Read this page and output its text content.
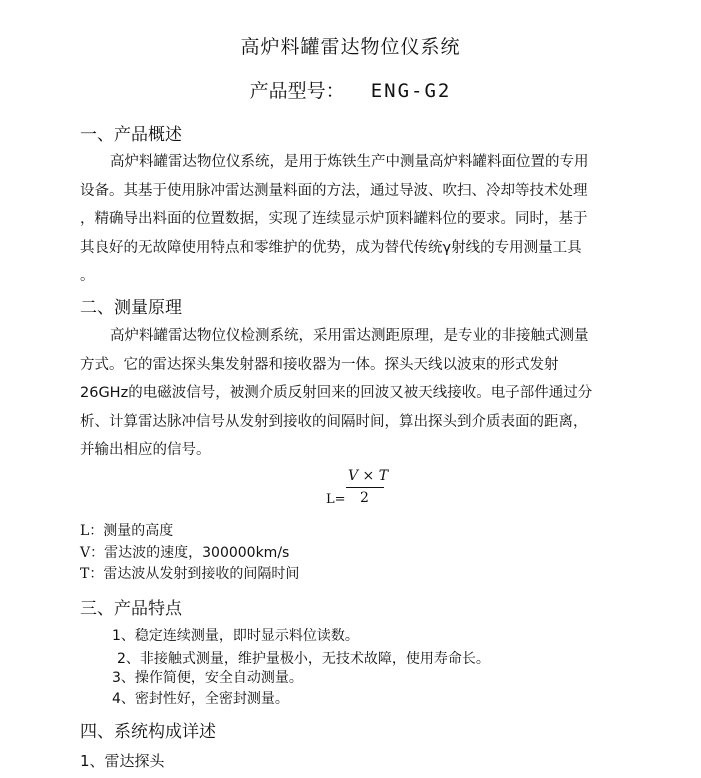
高炉料罐雷达物位仪系统
产品型号： ENG-G2
一、产品概述
高炉料罐雷达物位仪系统，是用于炼铁生产中测量高炉料罐料面位置的专用
设备。其基于使用脉冲雷达测量料面的方法，通过导波、吹扫、冷却等技术处理
，精确导出料面的位置数据，实现了连续显示炉顶料罐料位的要求。同时，基于
其良好的无故障使用特点和零维护的优势，成为替代传统γ射线的专用测量工具
。
二、测量原理
高炉料罐雷达物位仪检测系统，采用雷达测距原理，是专业的非接触式测量
方式。它的雷达探头集发射器和接收器为一体。探头天线以波束的形式发射
26GHz的电磁波信号，被测介质反射回来的回波又被天线接收。电子部件通过分
析、计算雷达脉冲信号从发射到接收的间隔时间，算出探头到介质表面的距离，
并输出相应的信号。
L=
V × T
2
L：测量的高度
V：雷达波的速度，300000km/s
T：雷达波从发射到接收的间隔时间
三、产品特点
1、稳定连续测量，即时显示料位读数。
2、非接触式测量，维护量极小，无技术故障，使用寿命长。
3、操作简便，安全自动测量。
4、密封性好，全密封测量。
四、系统构成详述
1、雷达探头
